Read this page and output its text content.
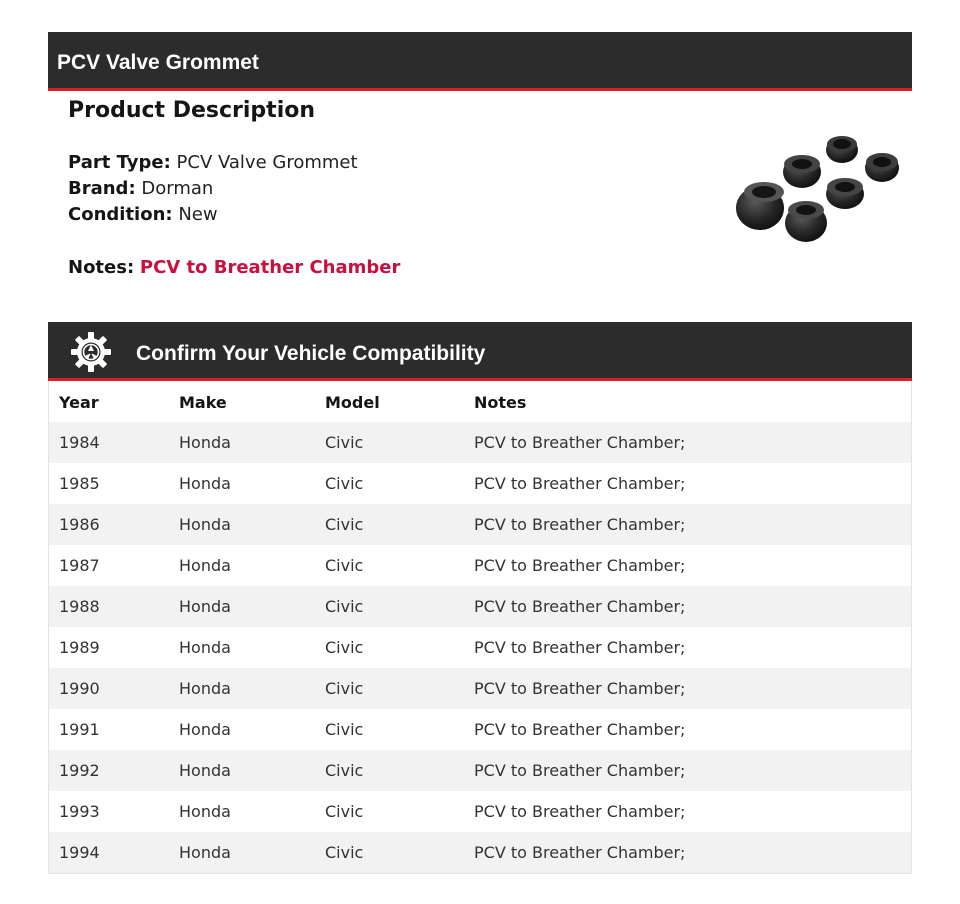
PCV Valve Grommet
Product Description
Part Type: PCV Valve Grommet
Brand: Dorman
Condition: New
Notes: PCV to Breather Chamber
Confirm Your Vehicle Compatibility
Year	Make	Model	Notes
1984	Honda	Civic	PCV to Breather Chamber;
1985	Honda	Civic	PCV to Breather Chamber;
1986	Honda	Civic	PCV to Breather Chamber;
1987	Honda	Civic	PCV to Breather Chamber;
1988	Honda	Civic	PCV to Breather Chamber;
1989	Honda	Civic	PCV to Breather Chamber;
1990	Honda	Civic	PCV to Breather Chamber;
1991	Honda	Civic	PCV to Breather Chamber;
1992	Honda	Civic	PCV to Breather Chamber;
1993	Honda	Civic	PCV to Breather Chamber;
1994	Honda	Civic	PCV to Breather Chamber;
